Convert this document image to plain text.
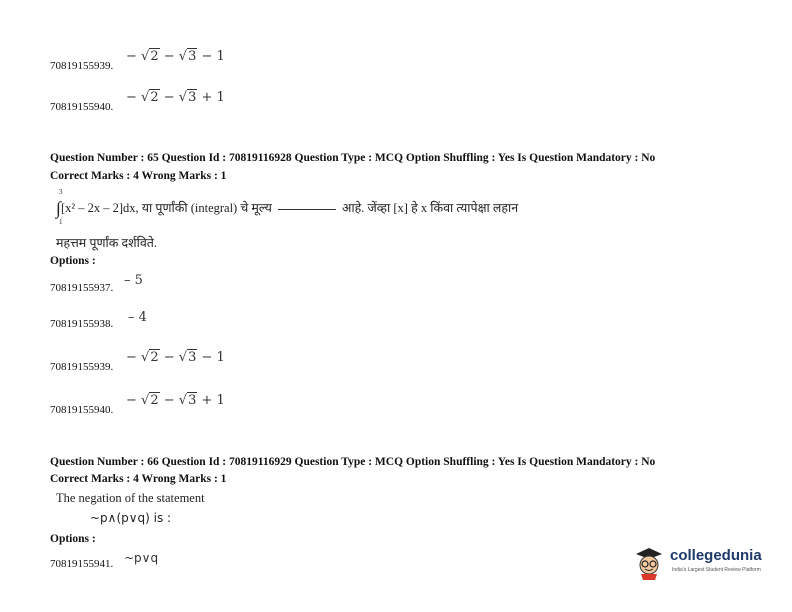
70819155939.
− √2 − √3 − 1
70819155940.
− √2 − √3 + 1
Question Number : 65 Question Id : 70819116928 Question Type : MCQ Option Shuffling : Yes Is Question Mandatory : No
Correct Marks : 4 Wrong Marks : 1
3
∫[x² – 2x – 2]dx, या पूर्णांकी (integral) चे मूल्य	आहे. जेंव्हा [x] हे x किंवा त्यापेक्षा लहान
1
महत्तम पूर्णांक दर्शविते.
Options :
70819155937. – 5
70819155938. – 4
70819155939.
− √2 − √3 − 1
70819155940.
− √2 − √3 + 1
Question Number : 66 Question Id : 70819116929 Question Type : MCQ Option Shuffling : Yes Is Question Mandatory : No
Correct Marks : 4 Wrong Marks : 1
The negation of the statement
~p∧(p∨q) is :
Options :
70819155941. ~p∨q	collegedunia
India's Largest Student Review Platform
